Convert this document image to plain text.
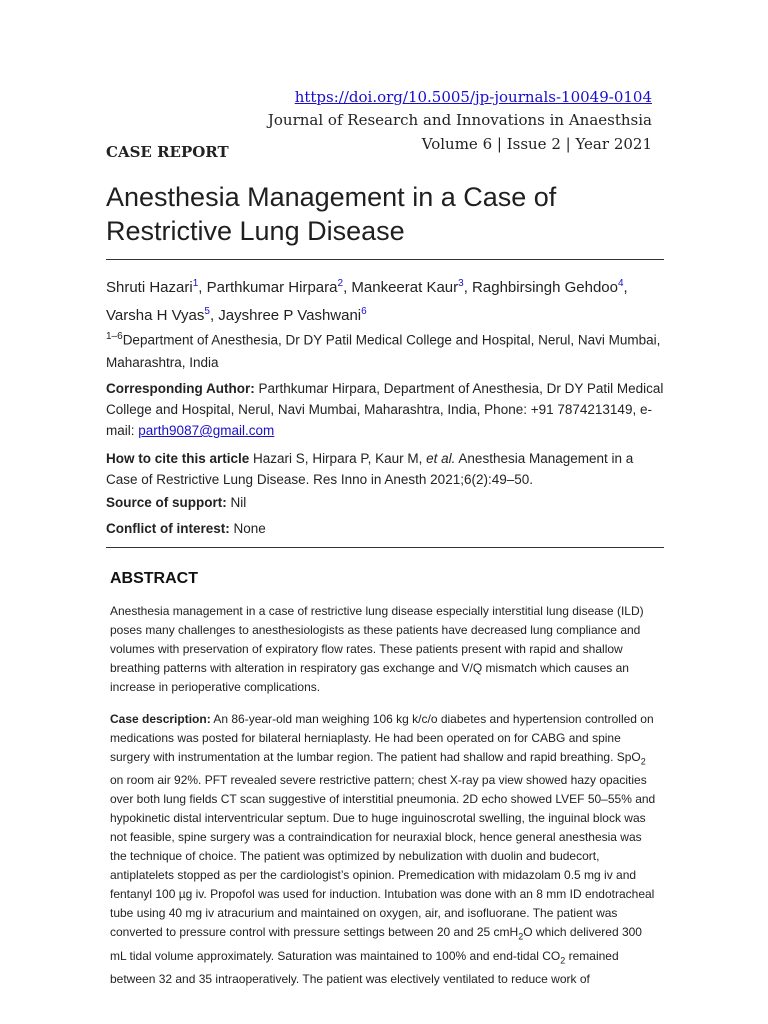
https://doi.org/10.5005/jp-journals-10049-0104
Journal of Research and Innovations in Anaesthsia
Volume 6 | Issue 2 | Year 2021
CASE REPORT
Anesthesia Management in a Case of Restrictive Lung Disease
Shruti Hazari$^1$, Parthkumar Hirpara$^2$, Mankeerat Kaur$^3$, Raghbirsingh Gehdoo$^4$,
Varsha H Vyas$^5$, Jayshree P Vashwani$^6$
$^{1-6}$Department of Anesthesia, Dr DY Patil Medical College and Hospital, Nerul, Navi Mumbai, Maharashtra, India
Corresponding Author: Parthkumar Hirpara, Department of Anesthesia, Dr DY Patil Medical College and Hospital, Nerul, Navi Mumbai, Maharashtra, India, Phone: +91 7874213149, e-mail: parth9087@gmail.com
How to cite this article Hazari S, Hirpara P, Kaur M, et al. Anesthesia Management in a Case of Restrictive Lung Disease. Res Inno in Anesth 2021;6(2):49–50.
Source of support: Nil
Conflict of interest: None
ABSTRACT
Anesthesia management in a case of restrictive lung disease especially interstitial lung disease (ILD) poses many challenges to anesthesiologists as these patients have decreased lung compliance and volumes with preservation of expiratory flow rates. These patients present with rapid and shallow breathing patterns with alteration in respiratory gas exchange and V/Q mismatch which causes an increase in perioperative complications.
Case description: An 86-year-old man weighing 106 kg k/c/o diabetes and hypertension controlled on medications was posted for bilateral herniaplasty. He had been operated on for CABG and spine surgery with instrumentation at the lumbar region. The patient had shallow and rapid breathing. SpO$_2$ on room air 92%. PFT revealed severe restrictive pattern; chest X-ray pa view showed hazy opacities over both lung fields CT scan suggestive of interstitial pneumonia. 2D echo showed LVEF 50–55% and hypokinetic distal interventricular septum. Due to huge inguinoscrotal swelling, the inguinal block was not feasible, spine surgery was a contraindication for neuraxial block, hence general anesthesia was the technique of choice. The patient was optimized by nebulization with duolin and budecort, antiplatelets stopped as per the cardiologist’s opinion. Premedication with midazolam 0.5 mg iv and fentanyl 100 µg iv. Propofol was used for induction. Intubation was done with an 8 mm ID endotracheal tube using 40 mg iv atracurium and maintained on oxygen, air, and isofluorane. The patient was converted to pressure control with pressure settings between 20 and 25 cmH$_2$O which delivered 300 mL tidal volume approximately. Saturation was maintained to 100% and end-tidal $CO_2$ remained between 32 and 35 intraoperatively. The patient was electively ventilated to reduce work of
